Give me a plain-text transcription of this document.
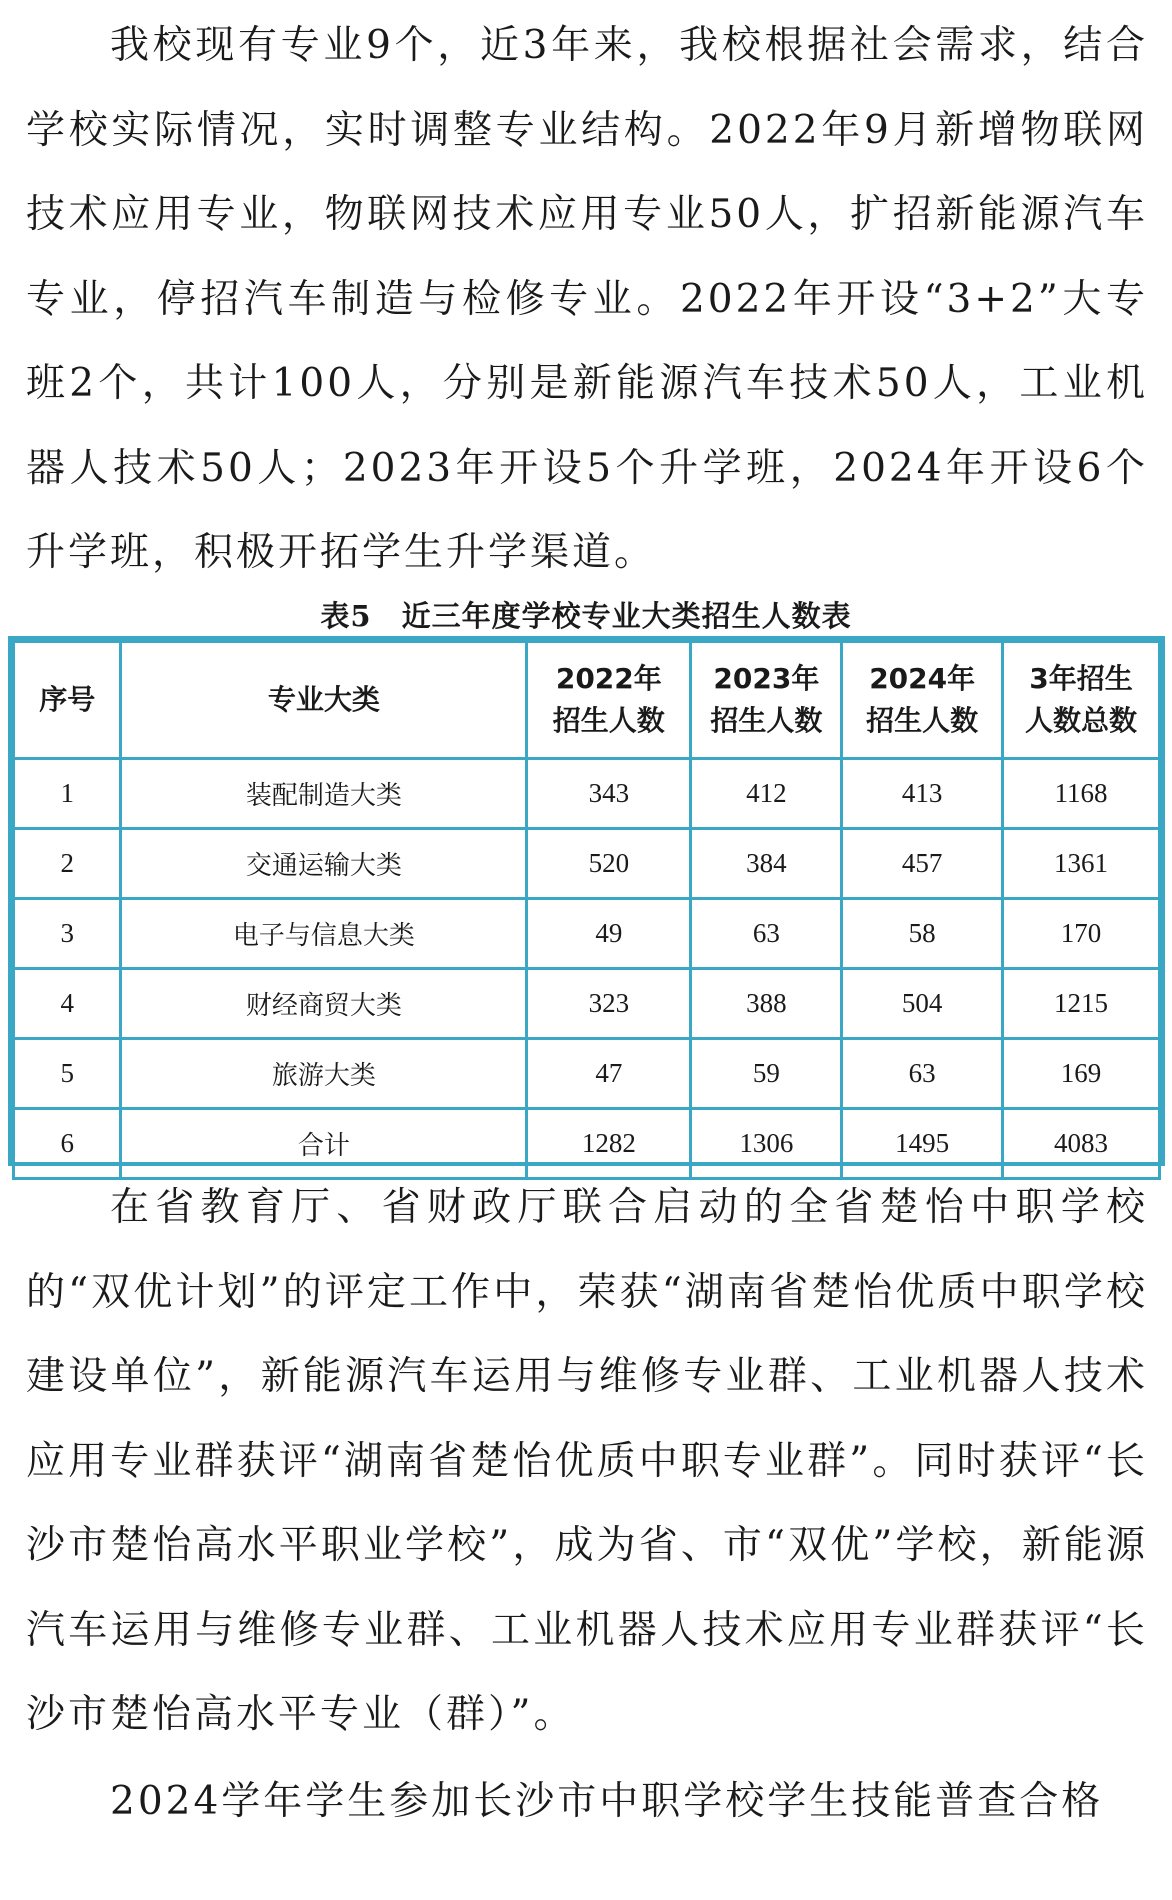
我校现有专业9个，近3年来，我校根据社会需求，结合学校实际情况，实时调整专业结构。2022年9月新增物联网技术应用专业，物联网技术应用专业50人，扩招新能源汽车专业，停招汽车制造与检修专业。2022年开设“3+2”大专班2个，共计100人，分别是新能源汽车技术50人，工业机器人技术50人；2023年开设5个升学班，2024年开设6个升学班，积极开拓学生升学渠道。

表5　近三年度学校专业大类招生人数表

序号	专业大类	2022年招生人数	2023年招生人数	2024年招生人数	3年招生人数总数
1	装配制造大类	343	412	413	1168
2	交通运输大类	520	384	457	1361
3	电子与信息大类	49	63	58	170
4	财经商贸大类	323	388	504	1215
5	旅游大类	47	59	63	169
6	合计	1282	1306	1495	4083

在省教育厅、省财政厅联合启动的全省楚怡中职学校的“双优计划”的评定工作中，荣获“湖南省楚怡优质中职学校建设单位”，新能源汽车运用与维修专业群、工业机器人技术应用专业群获评“湖南省楚怡优质中职专业群”。同时获评“长沙市楚怡高水平职业学校”，成为省、市“双优”学校，新能源汽车运用与维修专业群、工业机器人技术应用专业群获评“长沙市楚怡高水平专业（群）”。

2024学年学生参加长沙市中职学校学生技能普查合格
